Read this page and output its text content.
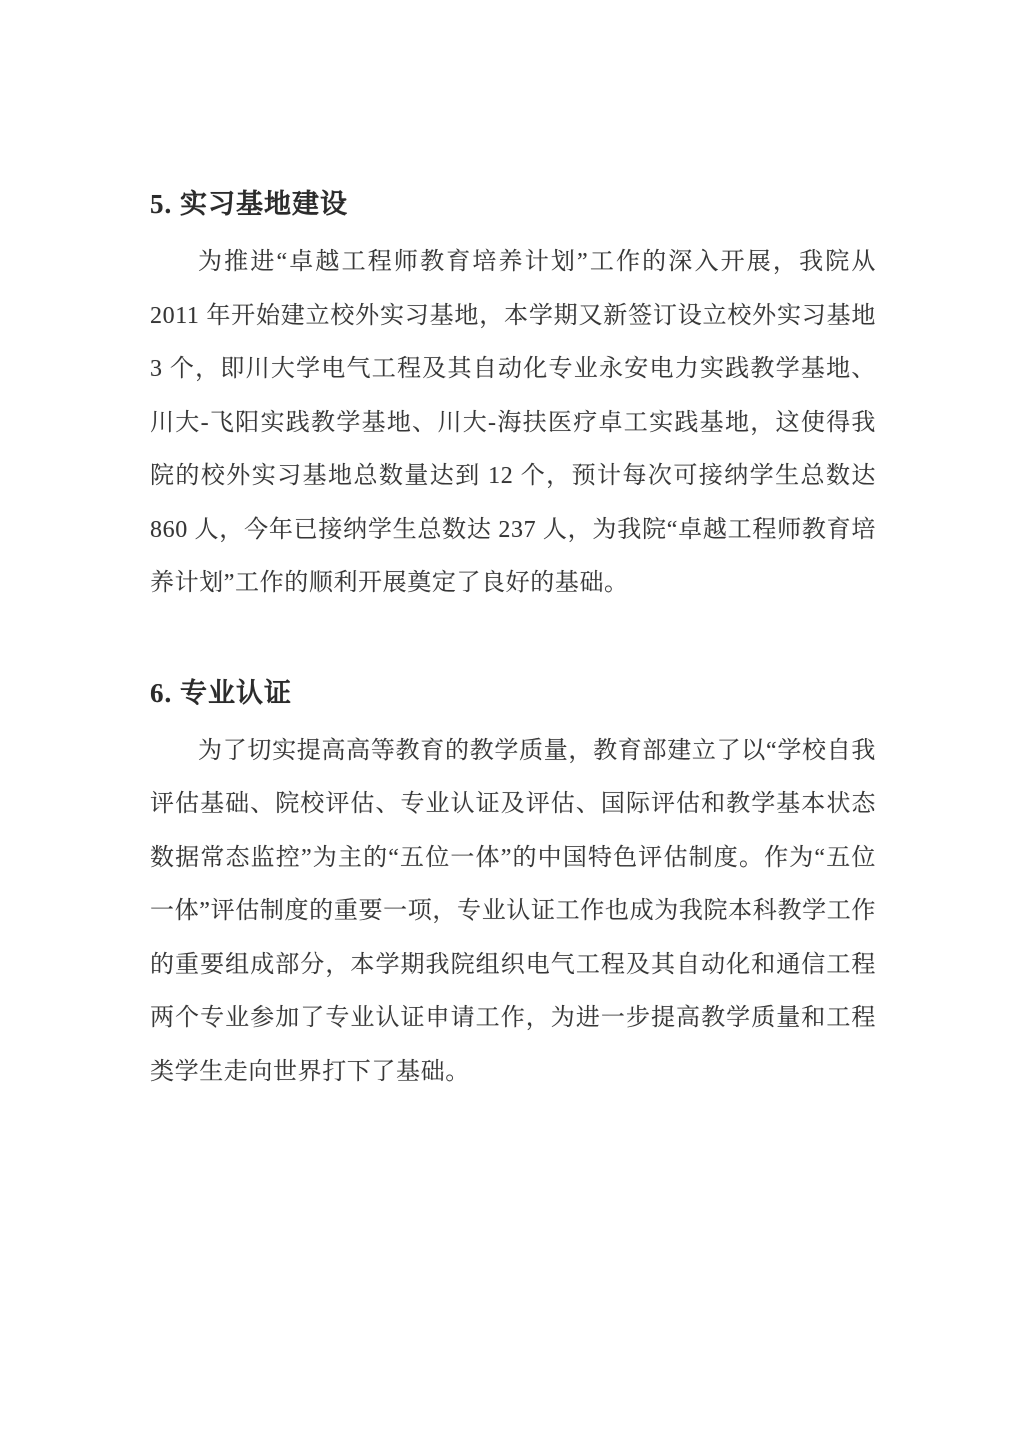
5. 实习基地建设

为推进“卓越工程师教育培养计划”工作的深入开展，我院从 2011 年开始建立校外实习基地，本学期又新签订设立校外实习基地 3 个，即川大学电气工程及其自动化专业永安电力实践教学基地、川大-飞阳实践教学基地、川大-海扶医疗卓工实践基地，这使得我院的校外实习基地总数量达到 12 个，预计每次可接纳学生总数达 860 人，今年已接纳学生总数达 237 人，为我院“卓越工程师教育培养计划”工作的顺利开展奠定了良好的基础。

6. 专业认证

为了切实提高高等教育的教学质量，教育部建立了以“学校自我评估基础、院校评估、专业认证及评估、国际评估和教学基本状态数据常态监控”为主的“五位一体”的中国特色评估制度。作为“五位一体”评估制度的重要一项，专业认证工作也成为我院本科教学工作的重要组成部分，本学期我院组织电气工程及其自动化和通信工程两个专业参加了专业认证申请工作，为进一步提高教学质量和工程类学生走向世界打下了基础。
